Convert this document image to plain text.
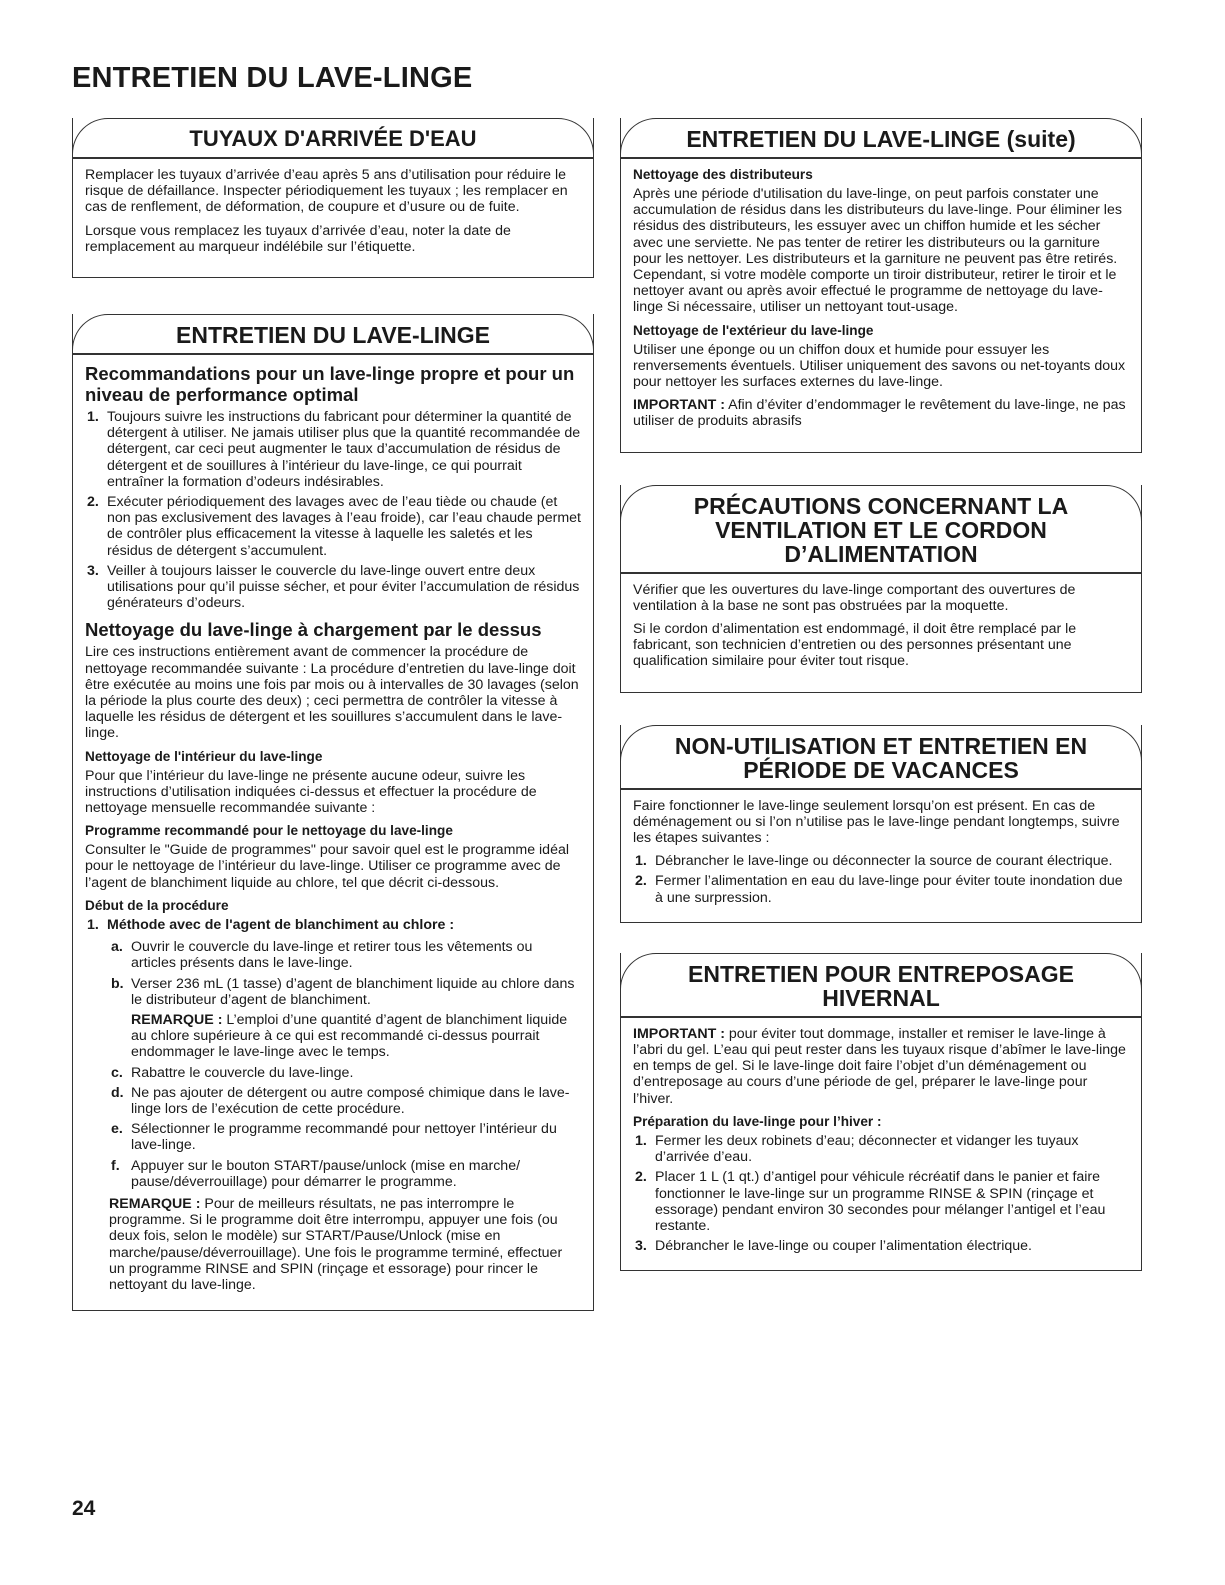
ENTRETIEN DU LAVE-LINGE
TUYAUX D'ARRIVÉE D'EAU

Remplacer les tuyaux d’arrivée d’eau après 5 ans d’utilisation pour réduire le risque de défaillance. Inspecter périodiquement les tuyaux ; les remplacer en cas de renflement, de déformation, de coupure et d’usure ou de fuite.

Lorsque vous remplacez les tuyaux d’arrivée d’eau, noter la date de remplacement au marqueur indélébile sur l’étiquette.

ENTRETIEN DU LAVE-LINGE
Recommandations pour un lave-linge propre et pour un niveau de performance optimal
1. Toujours suivre les instructions du fabricant pour déterminer la quantité de détergent à utiliser. Ne jamais utiliser plus que la quantité recommandée de détergent, car ceci peut augmenter le taux d’accumulation de résidus de détergent et de souillures à l’intérieur du lave-linge, ce qui pourrait entraîner la formation d’odeurs indésirables.
2. Exécuter périodiquement des lavages avec de l’eau tiède ou chaude (et non pas exclusivement des lavages à l’eau froide), car l’eau chaude permet de contrôler plus efficacement la vitesse à laquelle les saletés et les résidus de détergent s’accumulent.
3. Veiller à toujours laisser le couvercle du lave-linge ouvert entre deux utilisations pour qu’il puisse sécher, et pour éviter l’accumulation de résidus générateurs d’odeurs.
Nettoyage du lave-linge à chargement par le dessus

Lire ces instructions entièrement avant de commencer la procédure de nettoyage recommandée suivante : La procédure d’entretien du lave-linge doit être exécutée au moins une fois par mois ou à intervalles de 30 lavages (selon la période la plus courte des deux) ; ceci permettra de contrôler la vitesse à laquelle les résidus de détergent et les souillures s’accumulent dans le lave-linge.

Nettoyage de l'intérieur du lave-linge

Pour que l’intérieur du lave-linge ne présente aucune odeur, suivre les instructions d’utilisation indiquées ci-dessus et effectuer la procédure de nettoyage mensuelle recommandée suivante :

Programme recommandé pour le nettoyage du lave-linge

Consulter le "Guide de programmes" pour savoir quel est le programme idéal pour le nettoyage de l’intérieur du lave-linge. Utiliser ce programme avec de l’agent de blanchiment liquide au chlore, tel que décrit ci-dessous.

Début de la procédure
1. Méthode avec de l'agent de blanchiment au chlore :
a. Ouvrir le couvercle du lave-linge et retirer tous les vêtements ou articles présents dans le lave-linge.
b. Verser 236 mL (1 tasse) d’agent de blanchiment liquide au chlore dans le distributeur d’agent de blanchiment.
REMARQUE : L’emploi d’une quantité d’agent de blanchiment liquide au chlore supérieure à ce qui est recommandé ci-dessus pourrait endommager le lave-linge avec le temps.
c. Rabattre le couvercle du lave-linge.
d. Ne pas ajouter de détergent ou autre composé chimique dans le lave-linge lors de l’exécution de cette procédure.
e. Sélectionner le programme recommandé pour nettoyer l’intérieur du lave-linge.
f. Appuyer sur le bouton START/pause/unlock (mise en marche/ pause/déverrouillage) pour démarrer le programme.

REMARQUE : Pour de meilleurs résultats, ne pas interrompre le programme. Si le programme doit être interrompu, appuyer une fois (ou deux fois, selon le modèle) sur START/Pause/Unlock (mise en marche/pause/déverrouillage). Une fois le programme terminé, effectuer un programme RINSE and SPIN (rinçage et essorage) pour rincer le nettoyant du lave-linge.

ENTRETIEN DU LAVE-LINGE (suite)
Nettoyage des distributeurs

Après une période d'utilisation du lave-linge, on peut parfois constater une accumulation de résidus dans les distributeurs du lave-linge. Pour éliminer les résidus des distributeurs, les essuyer avec un chiffon humide et les sécher avec une serviette. Ne pas tenter de retirer les distributeurs ou la garniture pour les nettoyer. Les distributeurs et la garniture ne peuvent pas être retirés. Cependant, si votre modèle comporte un tiroir distributeur, retirer le tiroir et le nettoyer avant ou après avoir effectué le programme de nettoyage du lave-linge Si nécessaire, utiliser un nettoyant tout-usage.

Nettoyage de l'extérieur du lave-linge

Utiliser une éponge ou un chiffon doux et humide pour essuyer les renversements éventuels. Utiliser uniquement des savons ou net-toyants doux pour nettoyer les surfaces externes du lave-linge.

IMPORTANT : Afin d’éviter d’endommager le revêtement du lave-linge, ne pas utiliser de produits abrasifs

PRÉCAUTIONS CONCERNANT LA VENTILATION ET LE CORDON D’ALIMENTATION

Vérifier que les ouvertures du lave-linge comportant des ouvertures de ventilation à la base ne sont pas obstruées par la moquette.

Si le cordon d’alimentation est endommagé, il doit être remplacé par le fabricant, son technicien d’entretien ou des personnes présentant une qualification similaire pour éviter tout risque.

NON-UTILISATION ET ENTRETIEN EN PÉRIODE DE VACANCES

Faire fonctionner le lave-linge seulement lorsqu’on est présent. En cas de déménagement ou si l’on n’utilise pas le lave-linge pendant longtemps, suivre les étapes suivantes :

1. Débrancher le lave-linge ou déconnecter la source de courant électrique.
2. Fermer l’alimentation en eau du lave-linge pour éviter toute inondation due à une surpression.
ENTRETIEN POUR ENTREPOSAGE HIVERNAL

IMPORTANT : pour éviter tout dommage, installer et remiser le lave-linge à l’abri du gel. L’eau qui peut rester dans les tuyaux risque d’abîmer le lave-linge en temps de gel. Si le lave-linge doit faire l’objet d’un déménagement ou d’entreposage au cours d’une période de gel, préparer le lave-linge pour l’hiver.

Préparation du lave-linge pour l’hiver :
1. Fermer les deux robinets d’eau; déconnecter et vidanger les tuyaux d’arrivée d’eau.
2. Placer 1 L (1 qt.) d’antigel pour véhicule récréatif dans le panier et faire fonctionner le lave-linge sur un programme RINSE & SPIN (rinçage et essorage) pendant environ 30 secondes pour mélanger l’antigel et l’eau restante.
3. Débrancher le lave-linge ou couper l’alimentation électrique.
24
